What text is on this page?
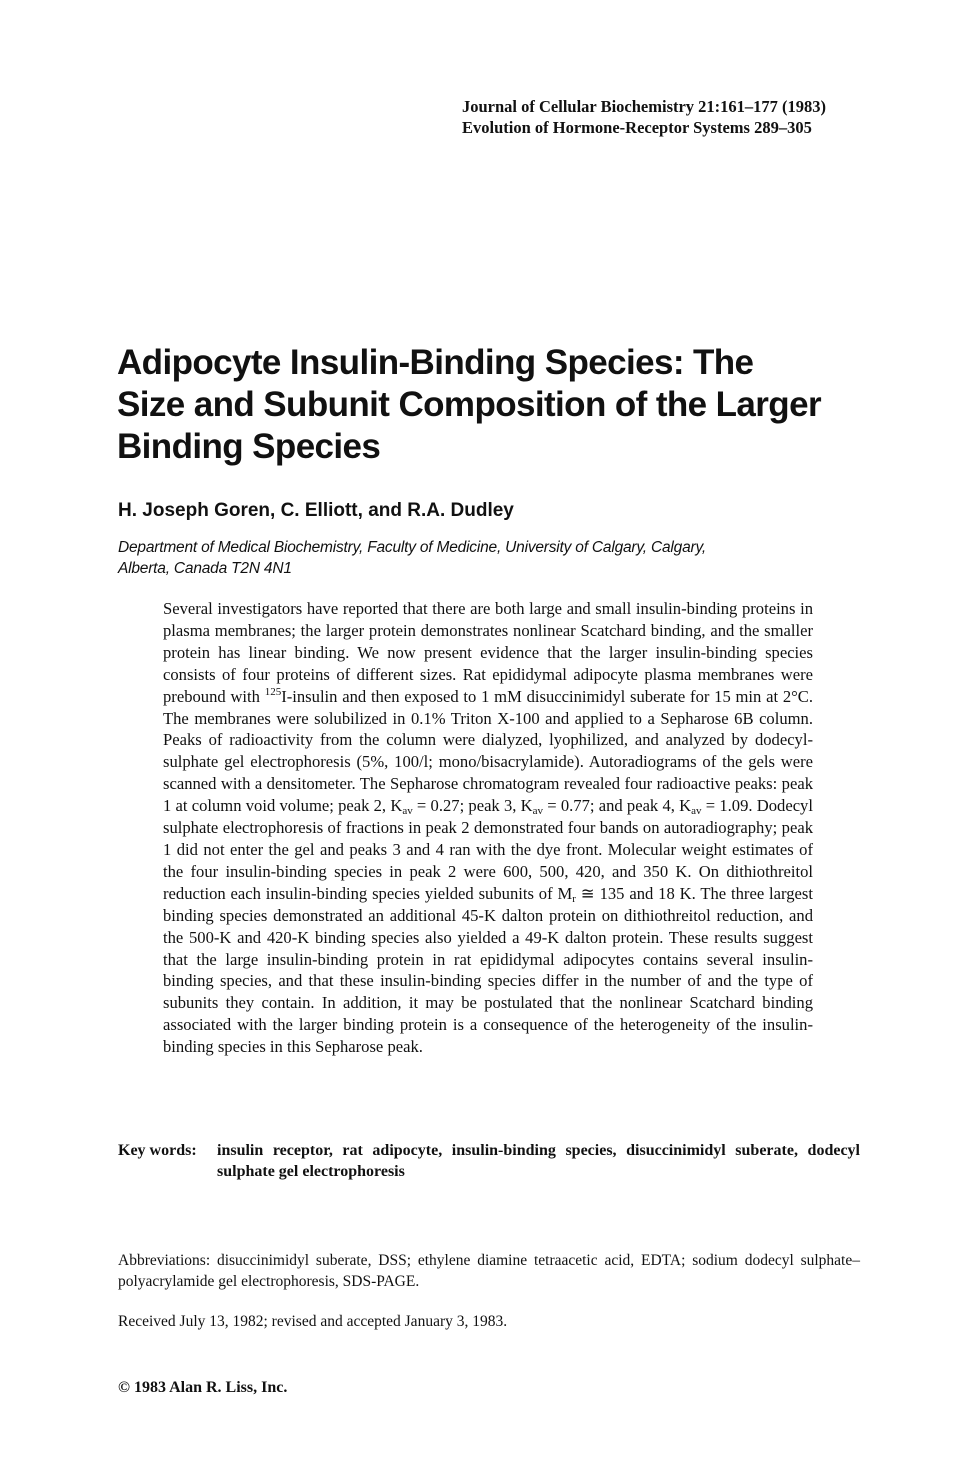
Journal of Cellular Biochemistry 21:161–177 (1983)
Evolution of Hormone-Receptor Systems 289–305
Adipocyte Insulin-Binding Species: The
Size and Subunit Composition of the Larger
Binding Species
H. Joseph Goren, C. Elliott, and R.A. Dudley
Department of Medical Biochemistry, Faculty of Medicine, University of Calgary, Calgary,
Alberta, Canada T2N 4N1
Several investigators have reported that there are both large and small insulin-binding proteins in plasma membranes; the larger protein demonstrates nonlinear Scatchard binding, and the smaller protein has linear binding. We now present evidence that the larger insulin-binding species consists of four proteins of different sizes. Rat epididymal adipocyte plasma membranes were prebound with $^{125}$I-insulin and then exposed to 1 mM disuccinimidyl suberate for 15 min at 2°C. The membranes were solubilized in 0.1% Triton X-100 and applied to a Sepharose 6B column. Peaks of radioactivity from the column were dialyzed, lyophilized, and analyzed by dodecyl-sulphate gel electrophoresis (5%, 100/l; mono/bisacrylamide). Autoradiograms of the gels were scanned with a densitometer. The Sepharose chromatogram revealed four radioactive peaks: peak 1 at column void volume; peak 2, $K_{av} = 0.27$; peak 3, $K_{av} = 0.77$; and peak 4, $K_{av} = 1.09$. Dodecyl sulphate electrophoresis of fractions in peak 2 demonstrated four bands on autoradiography; peak 1 did not enter the gel and peaks 3 and 4 ran with the dye front. Molecular weight estimates of the four insulin-binding species in peak 2 were 600, 500, 420, and 350 K. On dithiothreitol reduction each insulin-binding species yielded subunits of $M_r$ ≅ 135 and 18 K. The three largest binding species demonstrated an additional 45-K dalton protein on dithiothreitol reduction, and the 500-K and 420-K binding species also yielded a 49-K dalton protein. These results suggest that the large insulin-binding protein in rat epididymal adipocytes contains several insulin-binding species, and that these insulin-binding species differ in the number of and the type of subunits they contain. In addition, it may be postulated that the nonlinear Scatchard binding associated with the larger binding protein is a consequence of the heterogeneity of the insulin-binding species in this Sepharose peak.
Key words: insulin receptor, rat adipocyte, insulin-binding species, disuccinimidyl suberate, dodecyl sulphate gel electrophoresis
Abbreviations: disuccinimidyl suberate, DSS; ethylene diamine tetraacetic acid, EDTA; sodium dodecyl sulphate–polyacrylamide gel electrophoresis, SDS-PAGE.
Received July 13, 1982; revised and accepted January 3, 1983.
© 1983 Alan R. Liss, Inc.
